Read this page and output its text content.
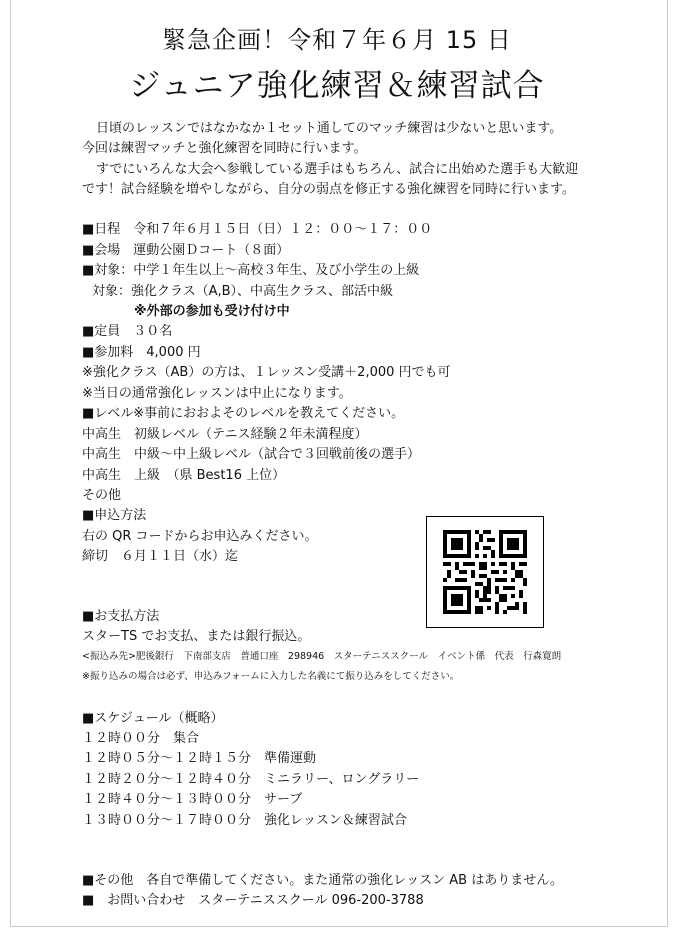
緊急企画！令和７年６月 15 日
ジュニア強化練習＆練習試合
日頃のレッスンではなかなか１セット通してのマッチ練習は少ないと思います。
今回は練習マッチと強化練習を同時に行います。
すでにいろんな大会へ参戦している選手はもちろん、試合に出始めた選手も大歓迎
です！試合経験を増やしながら、自分の弱点を修正する強化練習を同時に行います。
■日程　令和７年６月１５日（日）１２：００～１７：００
■会場　運動公園Ｄコート（８面）
■対象：中学１年生以上～高校３年生、及び小学生の上級
対象：強化クラス（A,B）、中高生クラス、部活中級
※外部の参加も受け付け中
■定員　３０名
■参加料　4,000 円
※強化クラス（AB）の方は、１レッスン受講＋2,000 円でも可
※当日の通常強化レッスンは中止になります。
■レベル※事前におおよそのレベルを教えてください。
中高生　初級レベル（テニス経験２年未満程度）
中高生　中級～中上級レベル（試合で３回戦前後の選手）
中高生　上級　（県 Best16 上位）
その他
■申込方法
右の QR コードからお申込みください。
締切　６月１１日（水）迄
■お支払方法
スターTS でお支払、または銀行振込。
<振込み先>肥後銀行　下南部支店　普通口座　298946　スターテニススクール　イベント係　代表　行森寛朗
※振り込みの場合は必ず、申込みフォームに入力した名義にて振り込みをしてください。
■スケジュール（概略）
１２時００分　集合
１２時０５分～１２時１５分　準備運動
１２時２０分～１２時４０分　ミニラリー、ロングラリー
１２時４０分～１３時００分　サーブ
１３時００分～１７時００分　強化レッスン＆練習試合
■その他　各自で準備してください。また通常の強化レッスン AB はありません。
■　お問い合わせ　スターテニススクール 096-200-3788
